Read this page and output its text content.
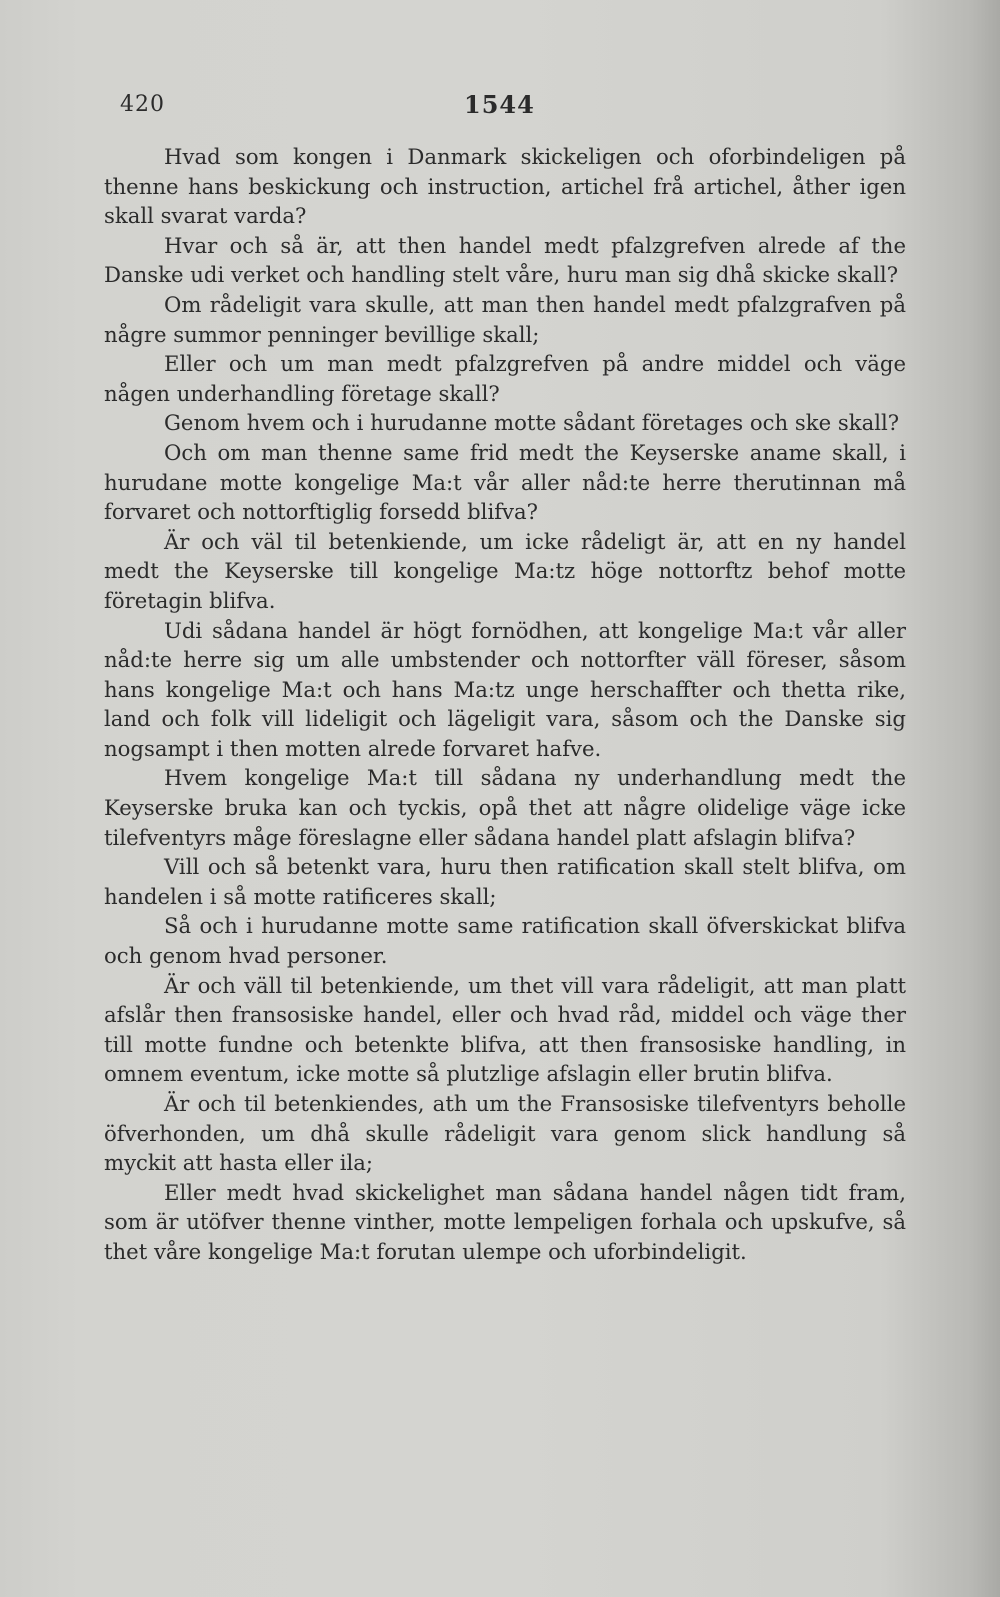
420	1544

Hvad som kongen i Danmark skickeligen och oforbindeligen på thenne hans beskickung och instruction, artichel frå artichel, åther igen skall svarat varda?

Hvar och så är, att then handel medt pfalzgrefven alrede af the Danske udi verket och handling stelt våre, huru man sig dhå skicke skall?

Om rådeligit vara skulle, att man then handel medt pfalzgrafven på någre summor penninger bevillige skall;

Eller och um man medt pfalzgrefven på andre middel och väge någen underhandling företage skall?

Genom hvem och i hurudanne motte sådant företages och ske skall?

Och om man thenne same frid medt the Keyserske aname skall, i hurudane motte kongelige Ma:t vår aller nåd:te herre therutinnan må forvaret och nottorftiglig forsedd blifva?

Är och väl til betenkiende, um icke rådeligt är, att en ny handel medt the Keyserske till kongelige Ma:tz höge nottorftz behof motte företagin blifva.

Udi sådana handel är högt fornödhen, att kongelige Ma:t vår aller nåd:te herre sig um alle umbstender och nottorfter väll föreser, såsom hans kongelige Ma:t och hans Ma:tz unge herschaffter och thetta rike, land och folk vill lideligit och lägeligit vara, såsom och the Danske sig nogsampt i then motten alrede forvaret hafve.

Hvem kongelige Ma:t till sådana ny underhandlung medt the Keyserske bruka kan och tyckis, opå thet att någre olidelige väge icke tilefventyrs måge föreslagne eller sådana handel platt afslagin blifva?

Vill och så betenkt vara, huru then ratification skall stelt blifva, om handelen i så motte ratificeres skall;

Så och i hurudanne motte same ratification skall öfverskickat blifva och genom hvad personer.

Är och väll til betenkiende, um thet vill vara rådeligit, att man platt afslår then fransosiske handel, eller och hvad råd, middel och väge ther till motte fundne och betenkte blifva, att then fransosiske handling, in omnem eventum, icke motte så plutzlige afslagin eller brutin blifva.

Är och til betenkiendes, ath um the Fransosiske tilefventyrs beholle öfverhonden, um dhå skulle rådeligit vara genom slick handlung så myckit att hasta eller ila;

Eller medt hvad skickelighet man sådana handel någen tidt fram, som är utöfver thenne vinther, motte lempeligen forhala och upskufve, så thet våre kongelige Ma:t forutan ulempe och uforbindeligit.
